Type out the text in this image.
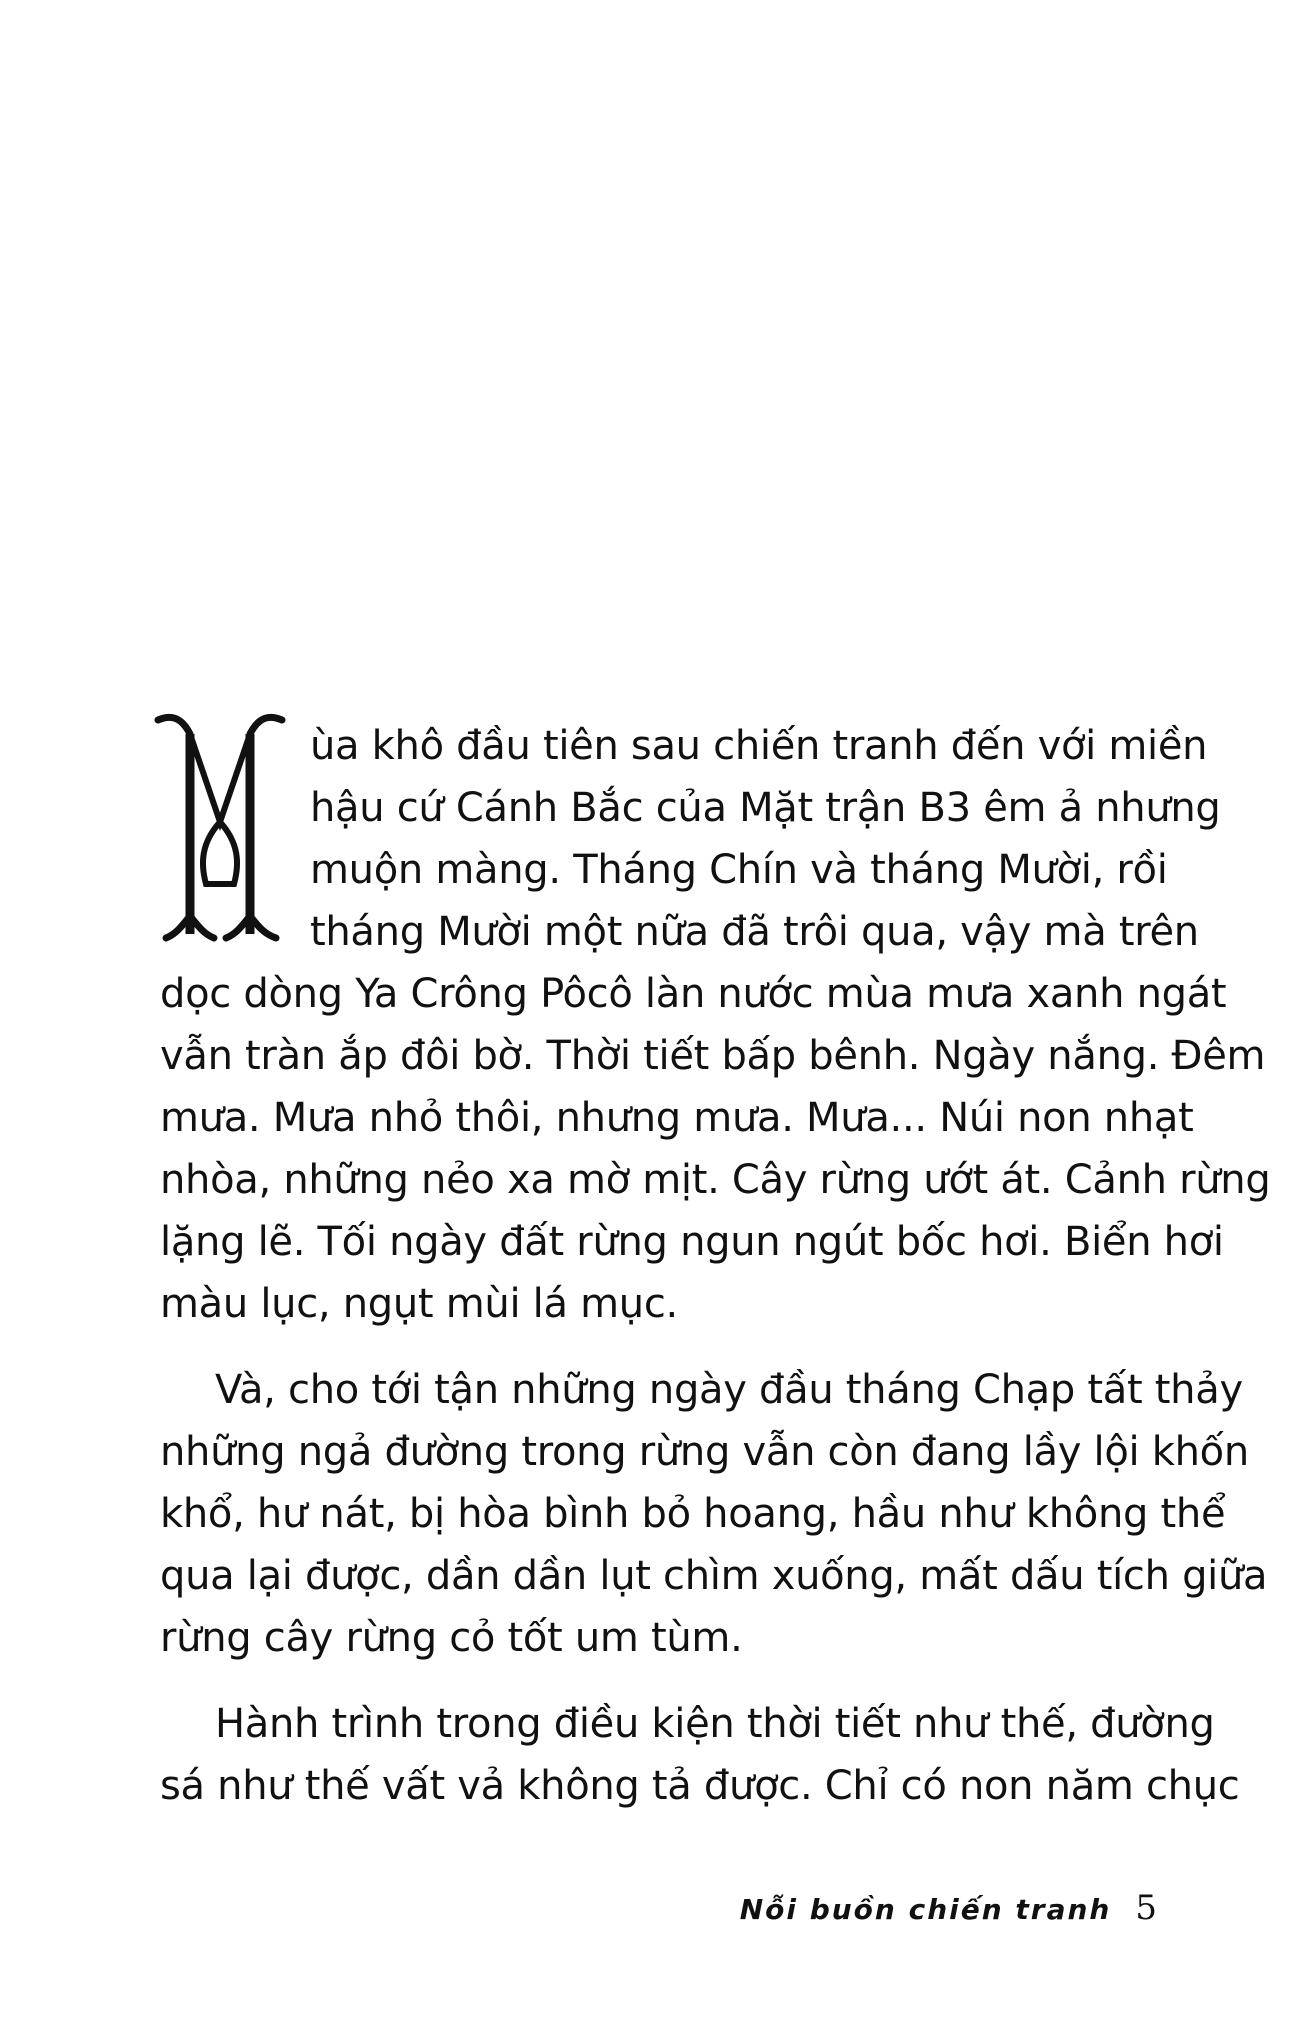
ùa khô đầu tiên sau chiến tranh đến với miền
hậu cứ Cánh Bắc của Mặt trận B3 êm ả nhưng
muộn màng. Tháng Chín và tháng Mười, rồi
tháng Mười một nữa đã trôi qua, vậy mà trên
dọc dòng Ya Crông Pôcô làn nước mùa mưa xanh ngát
vẫn tràn ắp đôi bờ. Thời tiết bấp bênh. Ngày nắng. Đêm
mưa. Mưa nhỏ thôi, nhưng mưa. Mưa... Núi non nhạt
nhòa, những nẻo xa mờ mịt. Cây rừng ướt át. Cảnh rừng
lặng lẽ. Tối ngày đất rừng ngun ngút bốc hơi. Biển hơi
màu lục, ngụt mùi lá mục.
Và, cho tới tận những ngày đầu tháng Chạp tất thảy
những ngả đường trong rừng vẫn còn đang lầy lội khốn
khổ, hư nát, bị hòa bình bỏ hoang, hầu như không thể
qua lại được, dần dần lụt chìm xuống, mất dấu tích giữa
rừng cây rừng cỏ tốt um tùm.
Hành trình trong điều kiện thời tiết như thế, đường
sá như thế vất vả không tả được. Chỉ có non năm chục
Nỗi buồn chiến tranh 5
